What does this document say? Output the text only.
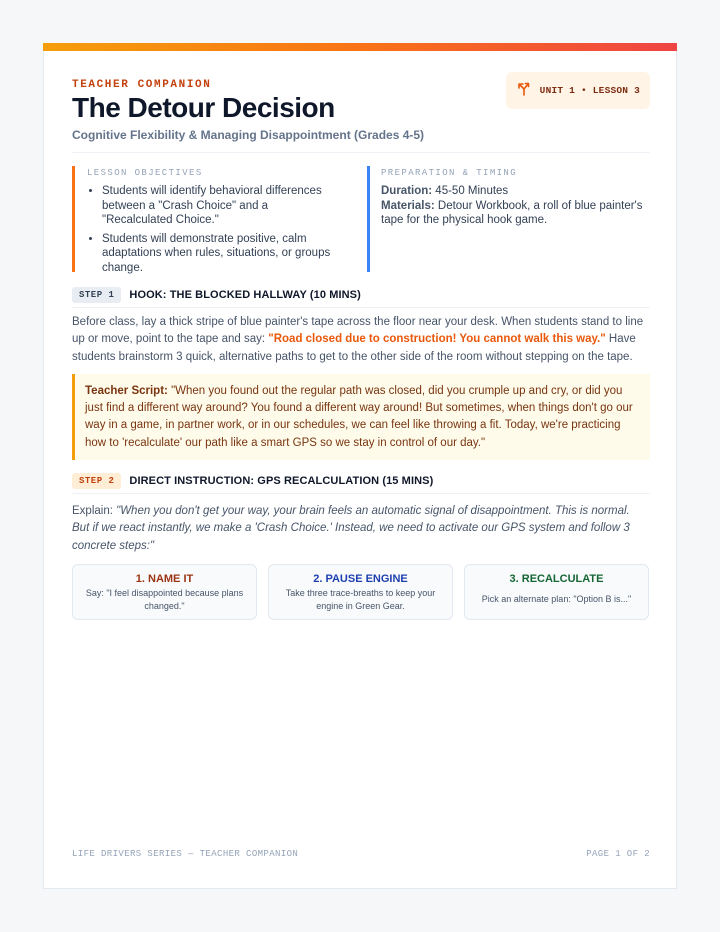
TEACHER COMPANION
The Detour Decision
Cognitive Flexibility & Managing Disappointment (Grades 4-5)
UNIT 1 • LESSON 3
LESSON OBJECTIVES
• Students will identify behavioral differences between a "Crash Choice" and a "Recalculated Choice."
• Students will demonstrate positive, calm adaptations when rules, situations, or groups change.
PREPARATION & TIMING

Duration: 45-50 Minutes

Materials: Detour Workbook, a roll of blue painter's tape for the physical hook game.

STEP 1	HOOK: THE BLOCKED HALLWAY (10 MINS)

Before class, lay a thick stripe of blue painter's tape across the floor near your desk. When students stand to line up or move, point to the tape and say: "Road closed due to construction! You cannot walk this way." Have students brainstorm 3 quick, alternative paths to get to the other side of the room without stepping on the tape.

Teacher Script: "When you found out the regular path was closed, did you crumple up and cry, or did you just find a different way around? You found a different way around! But sometimes, when things don't go our way in a game, in partner work, or in our schedules, we can feel like throwing a fit. Today, we're practicing how to 'recalculate' our path like a smart GPS so we stay in control of our day."
STEP 2	DIRECT INSTRUCTION: GPS RECALCULATION (15 MINS)

Explain: "When you don't get your way, your brain feels an automatic signal of disappointment. This is normal. But if we react instantly, we make a 'Crash Choice.' Instead, we need to activate our GPS system and follow 3 concrete steps:"

1. NAME IT
Say: "I feel disappointed because plans changed."
2. PAUSE ENGINE
Take three trace-breaths to keep your engine in Green Gear.
3. RECALCULATE
Pick an alternate plan: "Option B is..."
LIFE DRIVERS SERIES — TEACHER COMPANION	PAGE 1 OF 2
